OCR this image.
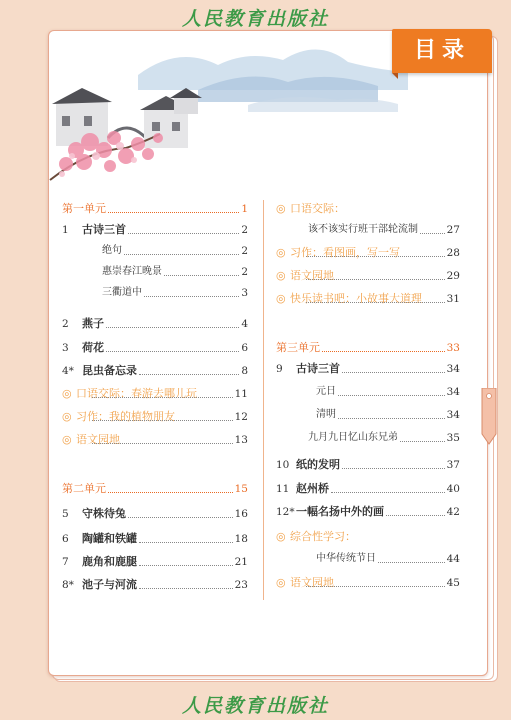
人民教育出版社
目录
第一单元	1
1	古诗三首	2
绝句	2
惠崇春江晚景	2
三衢道中	3
2	燕子	4
3	荷花	6
4* 昆虫备忘录	8
◎ 口语交际：春游去哪儿玩	11
◎ 习作：我的植物朋友	12
◎ 语文园地	13
第二单元	15
5	守株待兔	16
6	陶罐和铁罐	18
7	鹿角和鹿腿	21
8* 池子与河流	23
◎ 口语交际：
该不该实行班干部轮流制	27
◎ 习作：看图画，写一写	28
◎ 语文园地	29
◎ 快乐读书吧：小故事大道理 31
第三单元	33
9	古诗三首	34
元日	34
清明	34
九月九日忆山东兄弟	35
10 纸的发明	37
11 赵州桥	40
12* 一幅名扬中外的画	42
◎ 综合性学习：
中华传统节日	44
◎ 语文园地	45
人民教育出版社
